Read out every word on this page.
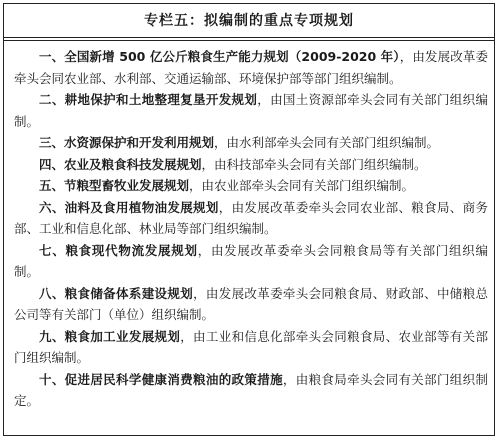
专栏五：拟编制的重点专项规划
一、全国新增 500 亿公斤粮食生产能力规划（2009-2020 年），由发展改革委牵头会同农业部、水利部、交通运输部、环境保护部等部门组织编制。
二、耕地保护和土地整理复垦开发规划，由国土资源部牵头会同有关部门组织编制。
三、水资源保护和开发利用规划，由水利部牵头会同有关部门组织编制。
四、农业及粮食科技发展规划，由科技部牵头会同有关部门组织编制。
五、节粮型畜牧业发展规划，由农业部牵头会同有关部门组织编制。
六、油料及食用植物油发展规划，由发展改革委牵头会同农业部、粮食局、商务部、工业和信息化部、林业局等部门组织编制。
七、粮食现代物流发展规划，由发展改革委牵头会同粮食局等有关部门组织编制。
八、粮食储备体系建设规划，由发展改革委牵头会同粮食局、财政部、中储粮总公司等有关部门（单位）组织编制。
九、粮食加工业发展规划，由工业和信息化部牵头会同粮食局、农业部等有关部门组织编制。
十、促进居民科学健康消费粮油的政策措施，由粮食局牵头会同有关部门组织制定。
